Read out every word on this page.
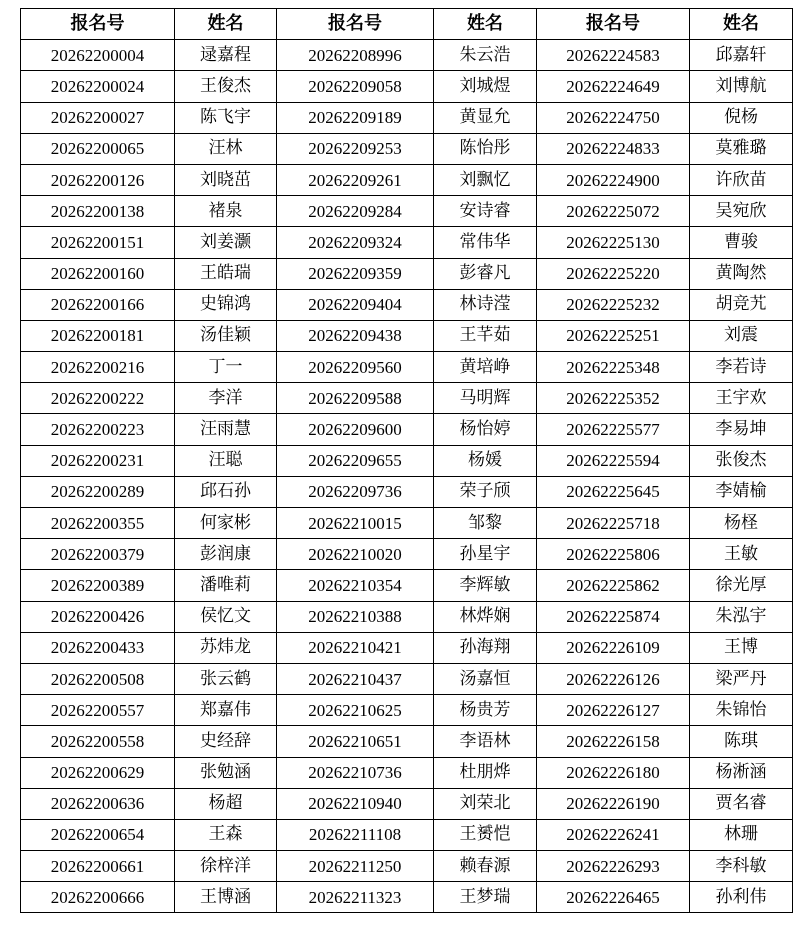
报名号	姓名	报名号	姓名	报名号	姓名
20262200004	逯嘉程	20262208996	朱云浩	20262224583	邱嘉轩
20262200024	王俊杰	20262209058	刘城煜	20262224649	刘博航
20262200027	陈飞宇	20262209189	黄显允	20262224750	倪杨
20262200065	汪林	20262209253	陈怡彤	20262224833	莫雅璐
20262200126	刘晓茁	20262209261	刘飘忆	20262224900	许欣苗
20262200138	褚泉	20262209284	安诗睿	20262225072	吴宛欣
20262200151	刘姜灏	20262209324	常伟华	20262225130	曹骏
20262200160	王皓瑞	20262209359	彭睿凡	20262225220	黄陶然
20262200166	史锦鸿	20262209404	林诗滢	20262225232	胡竞艽
20262200181	汤佳颖	20262209438	王芊茹	20262225251	刘震
20262200216	丁一	20262209560	黄培峥	20262225348	李若诗
20262200222	李洋	20262209588	马明辉	20262225352	王宇欢
20262200223	汪雨慧	20262209600	杨怡婷	20262225577	李易坤
20262200231	汪聪	20262209655	杨媛	20262225594	张俊杰
20262200289	邱石孙	20262209736	荣子颀	20262225645	李婧榆
20262200355	何家彬	20262210015	邹黎	20262225718	杨柽
20262200379	彭润康	20262210020	孙星宇	20262225806	王敏
20262200389	潘唯莉	20262210354	李辉敏	20262225862	徐光厚
20262200426	侯忆文	20262210388	林烨娴	20262225874	朱泓宇
20262200433	苏炜龙	20262210421	孙海翔	20262226109	王博
20262200508	张云鹤	20262210437	汤嘉恒	20262226126	梁严丹
20262200557	郑嘉伟	20262210625	杨贵芳	20262226127	朱锦怡
20262200558	史经辞	20262210651	李语林	20262226158	陈琪
20262200629	张勉涵	20262210736	杜朋烨	20262226180	杨淅涵
20262200636	杨超	20262210940	刘荣北	20262226190	贾名睿
20262200654	王森	20262211108	王赟恺	20262226241	林珊
20262200661	徐梓洋	20262211250	赖春源	20262226293	李科敏
20262200666	王博涵	20262211323	王梦瑞	20262226465	孙利伟
